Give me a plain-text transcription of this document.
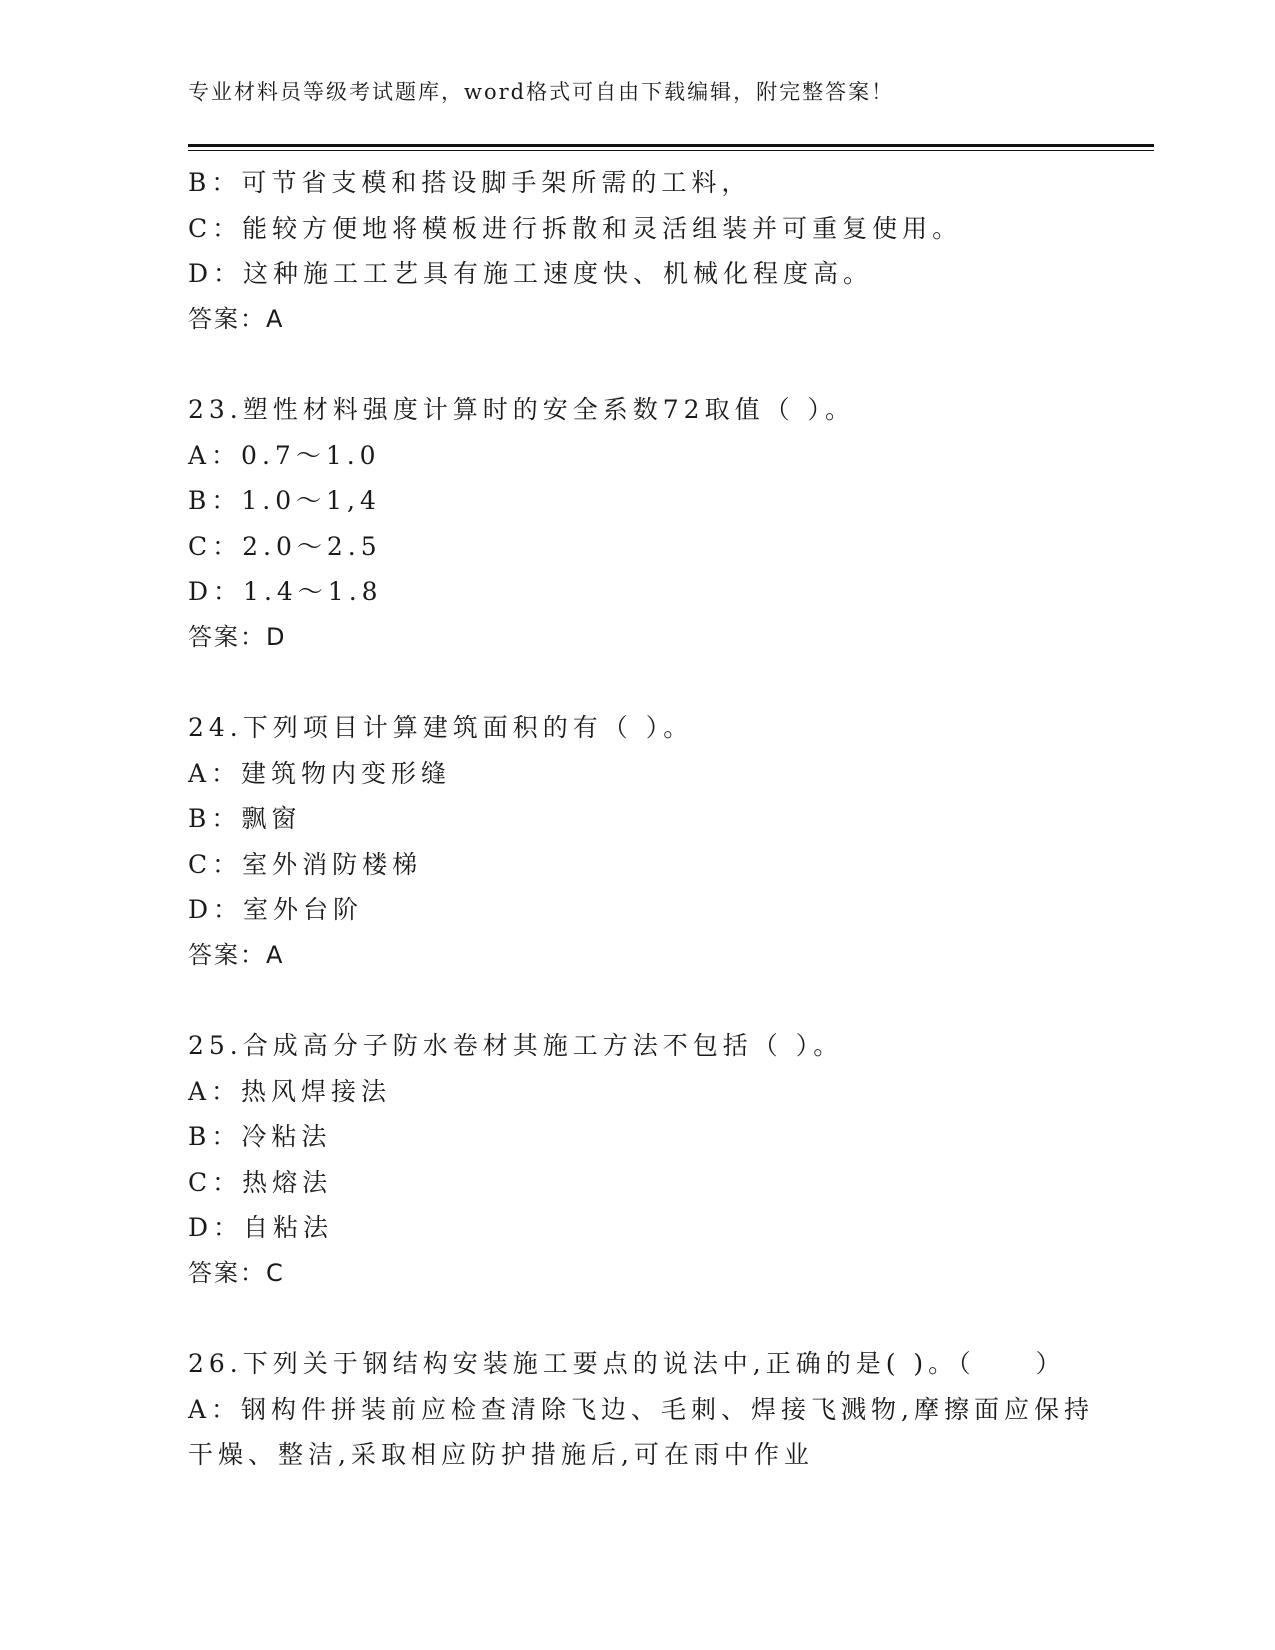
专业材料员等级考试题库，word格式可自由下载编辑，附完整答案！
B：可节省支模和搭设脚手架所需的工料，
C：能较方便地将模板进行拆散和灵活组装并可重复使用。
D：这种施工工艺具有施工速度快、机械化程度高。
答案：A
23.塑性材料强度计算时的安全系数72取值（ ）。
A：0.7～1.0
B：1.0～1,4
C：2.0～2.5
D：1.4～1.8
答案：D
24.下列项目计算建筑面积的有（ ）。
A：建筑物内变形缝
B：飘窗
C：室外消防楼梯
D：室外台阶
答案：A
25.合成高分子防水卷材其施工方法不包括（ ）。
A：热风焊接法
B：冷粘法
C：热熔法
D：自粘法
答案：C
26.下列关于钢结构安装施工要点的说法中,正确的是( )。（　　）
A：钢构件拼装前应检查清除飞边、毛刺、焊接飞溅物,摩擦面应保持
干燥、整洁,采取相应防护措施后,可在雨中作业
